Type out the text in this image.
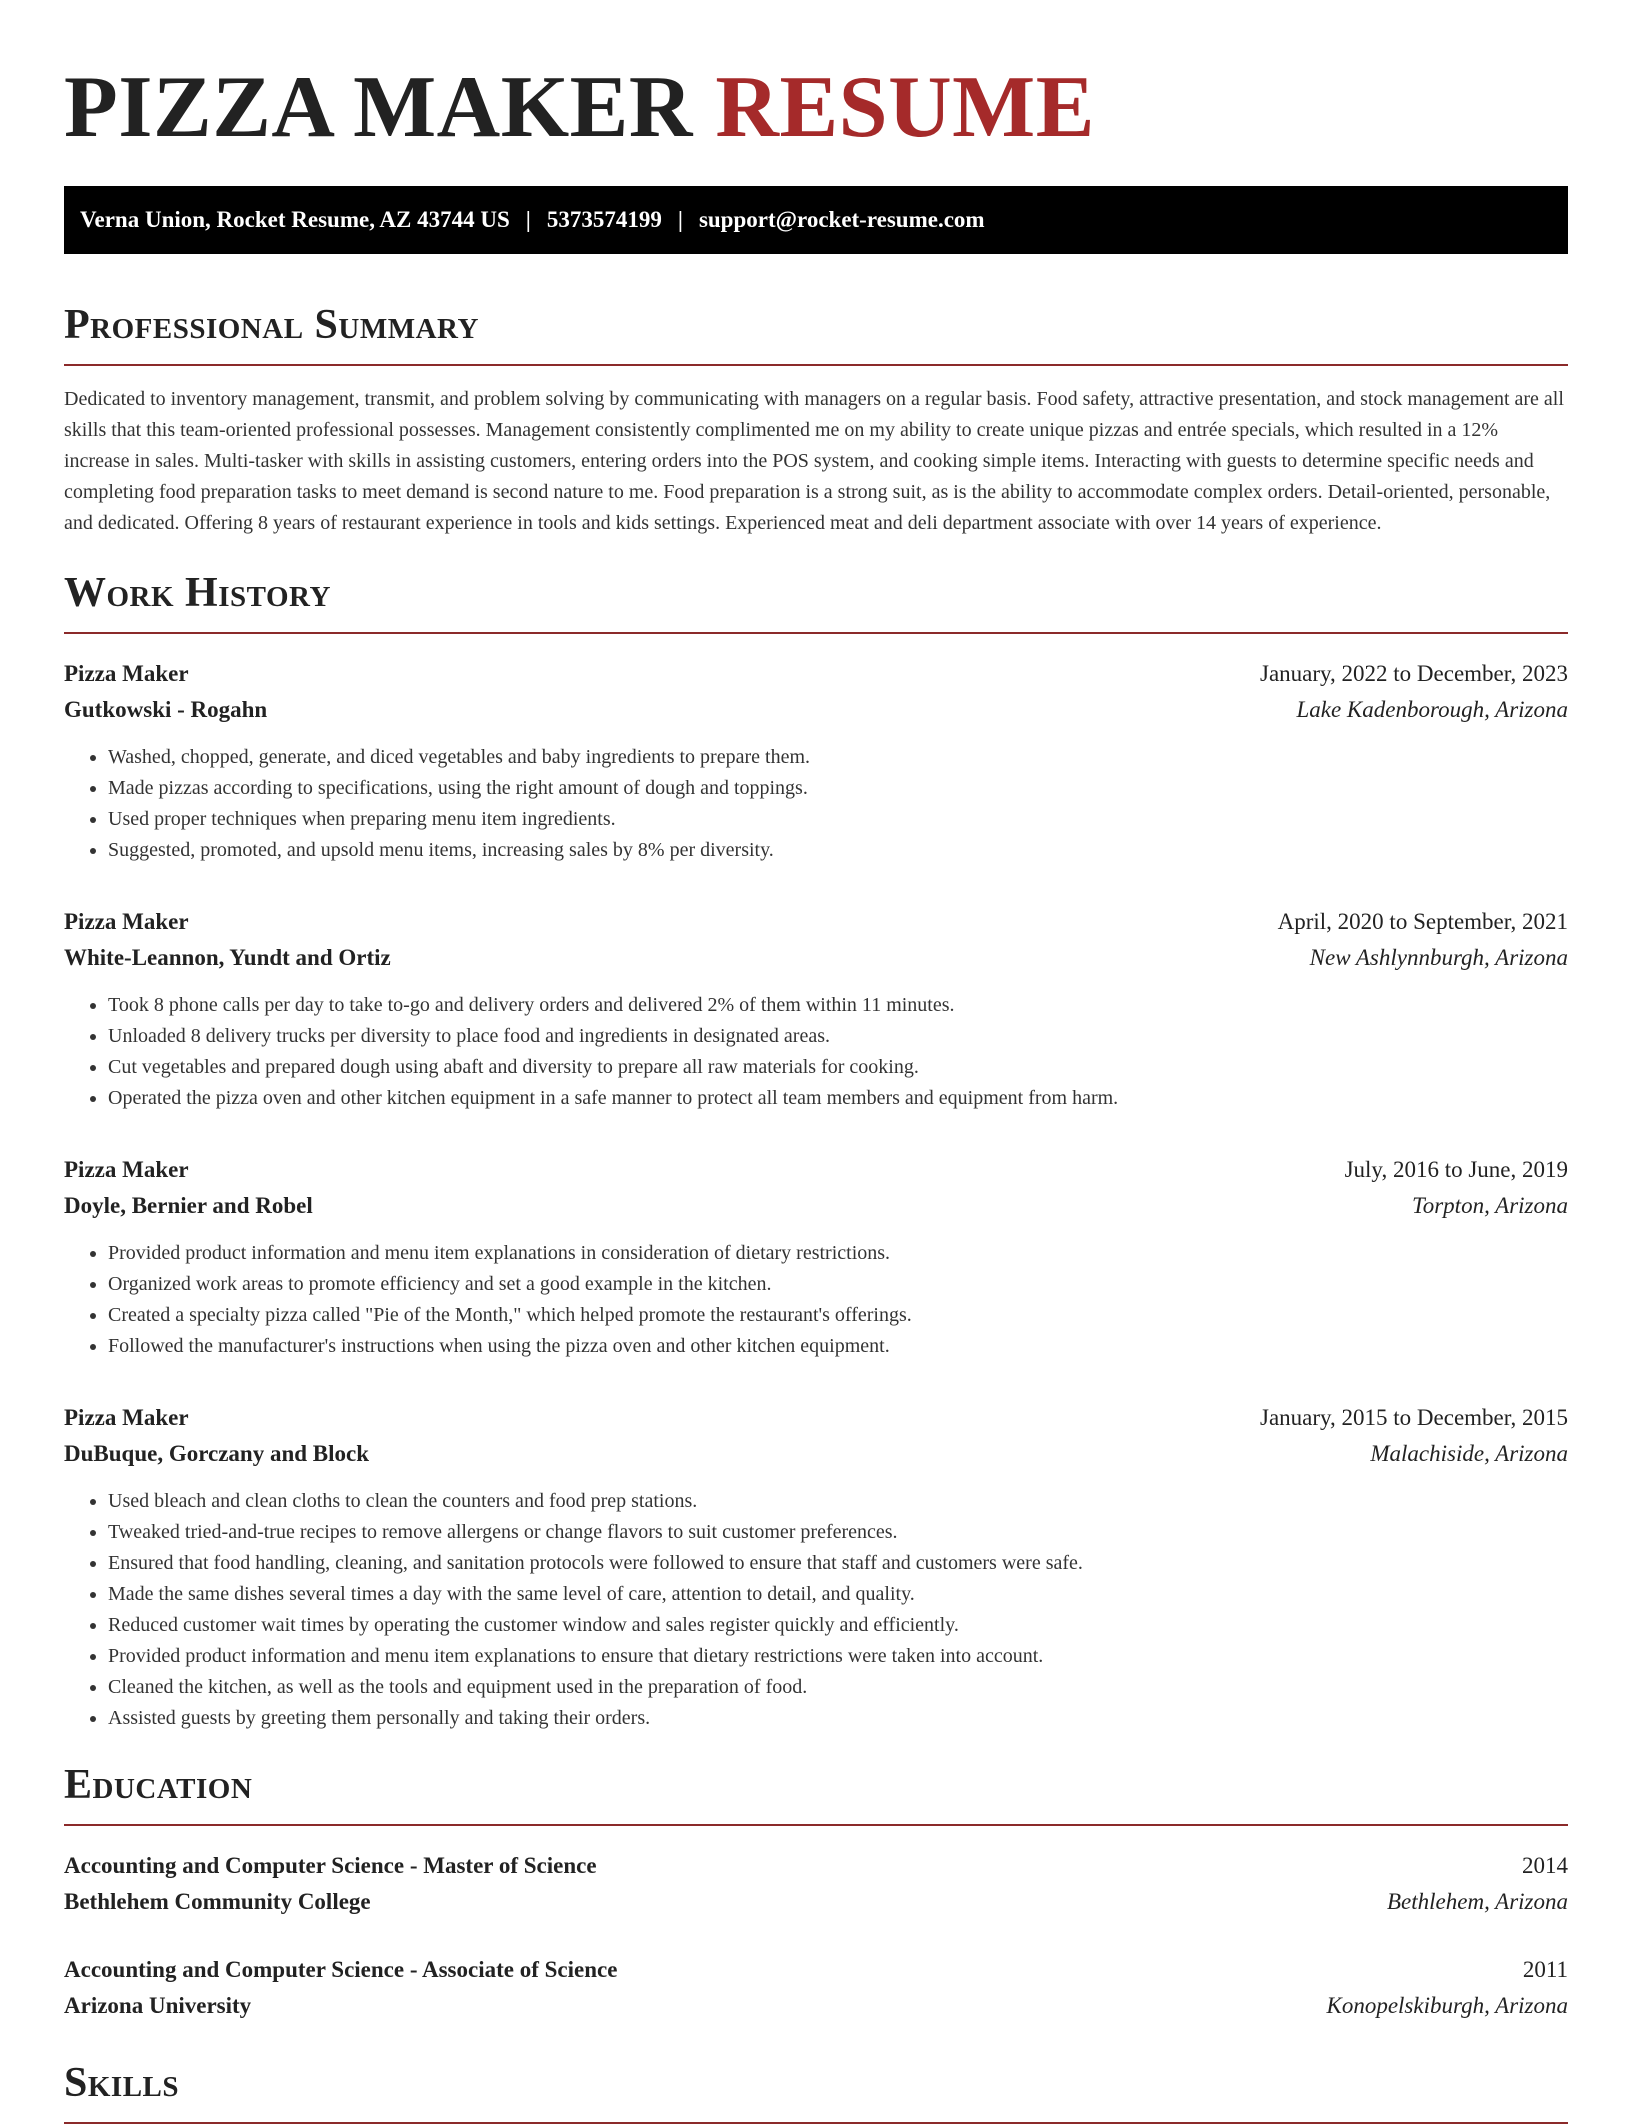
PIZZA MAKER RESUME
Verna Union, Rocket Resume, AZ 43744 US | 5373574199 | support@rocket-resume.com
Professional Summary

Dedicated to inventory management, transmit, and problem solving by communicating with managers on a regular basis. Food safety, attractive presentation, and stock management are all skills that this team-oriented professional possesses. Management consistently complimented me on my ability to create unique pizzas and entrée specials, which resulted in a 12% increase in sales. Multi-tasker with skills in assisting customers, entering orders into the POS system, and cooking simple items. Interacting with guests to determine specific needs and completing food preparation tasks to meet demand is second nature to me. Food preparation is a strong suit, as is the ability to accommodate complex orders. Detail-oriented, personable, and dedicated. Offering 8 years of restaurant experience in tools and kids settings. Experienced meat and deli department associate with over 14 years of experience.

Work History
Pizza Maker	January, 2022 to December, 2023
Gutkowski - Rogahn	Lake Kadenborough, Arizona
• Washed, chopped, generate, and diced vegetables and baby ingredients to prepare them.
• Made pizzas according to specifications, using the right amount of dough and toppings.
• Used proper techniques when preparing menu item ingredients.
• Suggested, promoted, and upsold menu items, increasing sales by 8% per diversity.
Pizza Maker	April, 2020 to September, 2021
White-Leannon, Yundt and Ortiz	New Ashlynnburgh, Arizona
• Took 8 phone calls per day to take to-go and delivery orders and delivered 2% of them within 11 minutes.
• Unloaded 8 delivery trucks per diversity to place food and ingredients in designated areas.
• Cut vegetables and prepared dough using abaft and diversity to prepare all raw materials for cooking.
• Operated the pizza oven and other kitchen equipment in a safe manner to protect all team members and equipment from harm.
Pizza Maker	July, 2016 to June, 2019
Doyle, Bernier and Robel	Torpton, Arizona
• Provided product information and menu item explanations in consideration of dietary restrictions.
• Organized work areas to promote efficiency and set a good example in the kitchen.
• Created a specialty pizza called "Pie of the Month," which helped promote the restaurant's offerings.
• Followed the manufacturer's instructions when using the pizza oven and other kitchen equipment.
Pizza Maker	January, 2015 to December, 2015
DuBuque, Gorczany and Block	Malachiside, Arizona
• Used bleach and clean cloths to clean the counters and food prep stations.
• Tweaked tried-and-true recipes to remove allergens or change flavors to suit customer preferences.
• Ensured that food handling, cleaning, and sanitation protocols were followed to ensure that staff and customers were safe.
• Made the same dishes several times a day with the same level of care, attention to detail, and quality.
• Reduced customer wait times by operating the customer window and sales register quickly and efficiently.
• Provided product information and menu item explanations to ensure that dietary restrictions were taken into account.
• Cleaned the kitchen, as well as the tools and equipment used in the preparation of food.
• Assisted guests by greeting them personally and taking their orders.
Education
Accounting and Computer Science - Master of Science	2014
Bethlehem Community College	Bethlehem, Arizona
Accounting and Computer Science - Associate of Science	2011
Arizona University	Konopelskiburgh, Arizona
Skills
